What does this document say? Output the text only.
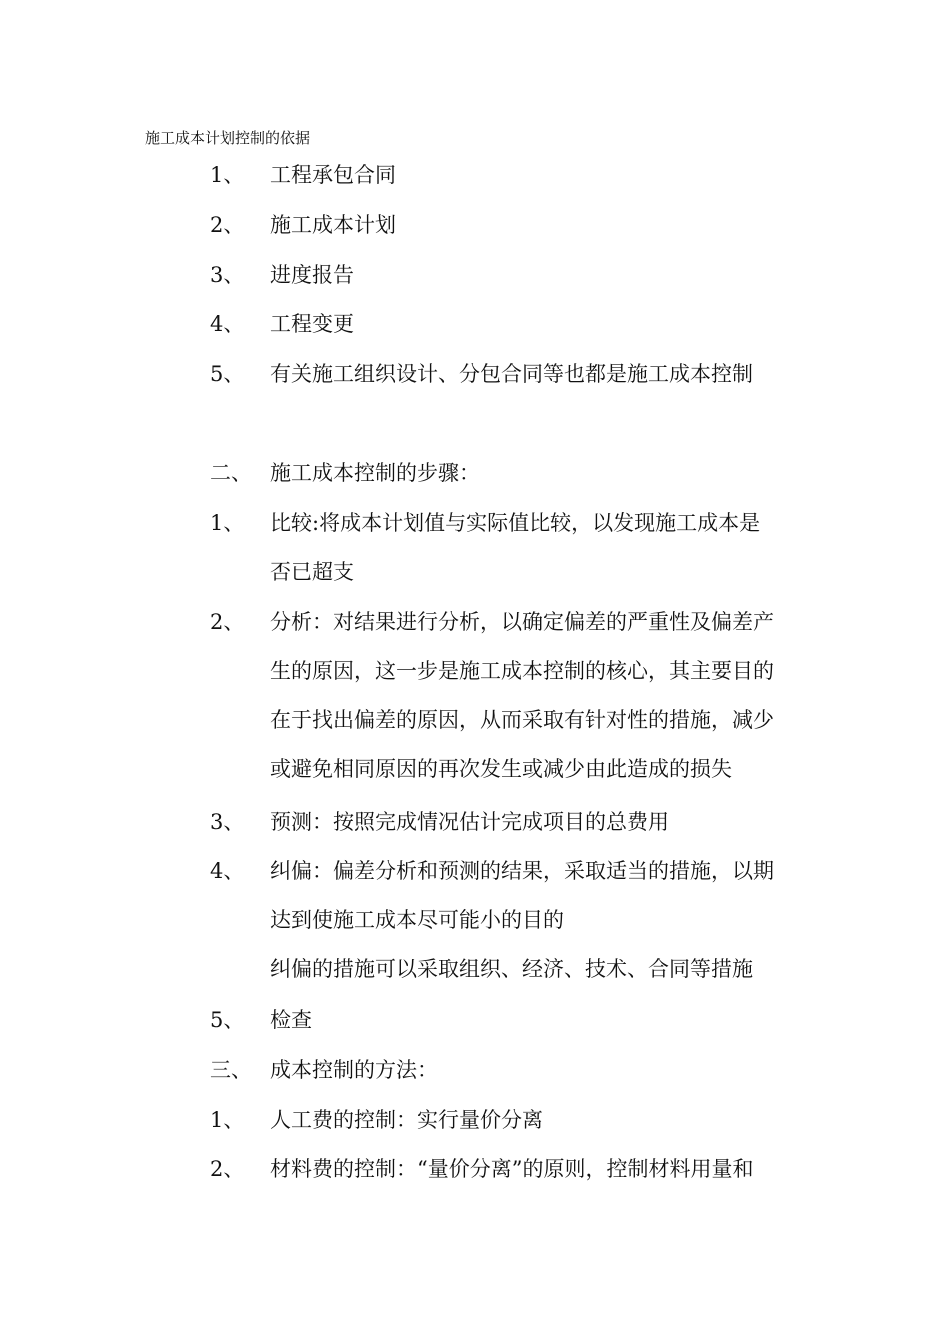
施工成本计划控制的依据
1、 工程承包合同
2、 施工成本计划
3、 进度报告
4、 工程变更
5、 有关施工组织设计、分包合同等也都是施工成本控制
二、 施工成本控制的步骤：
1、 比较:将成本计划值与实际值比较，以发现施工成本是
否已超支
2、 分析：对结果进行分析，以确定偏差的严重性及偏差产
生的原因，这一步是施工成本控制的核心，其主要目的
在于找出偏差的原因，从而采取有针对性的措施，减少
或避免相同原因的再次发生或减少由此造成的损失
3、 预测：按照完成情况估计完成项目的总费用
4、 纠偏：偏差分析和预测的结果，采取适当的措施，以期
达到使施工成本尽可能小的目的
纠偏的措施可以采取组织、经济、技术、合同等措施
5、 检查
三、 成本控制的方法：
1、 人工费的控制：实行量价分离
2、 材料费的控制：“量价分离”的原则，控制材料用量和
